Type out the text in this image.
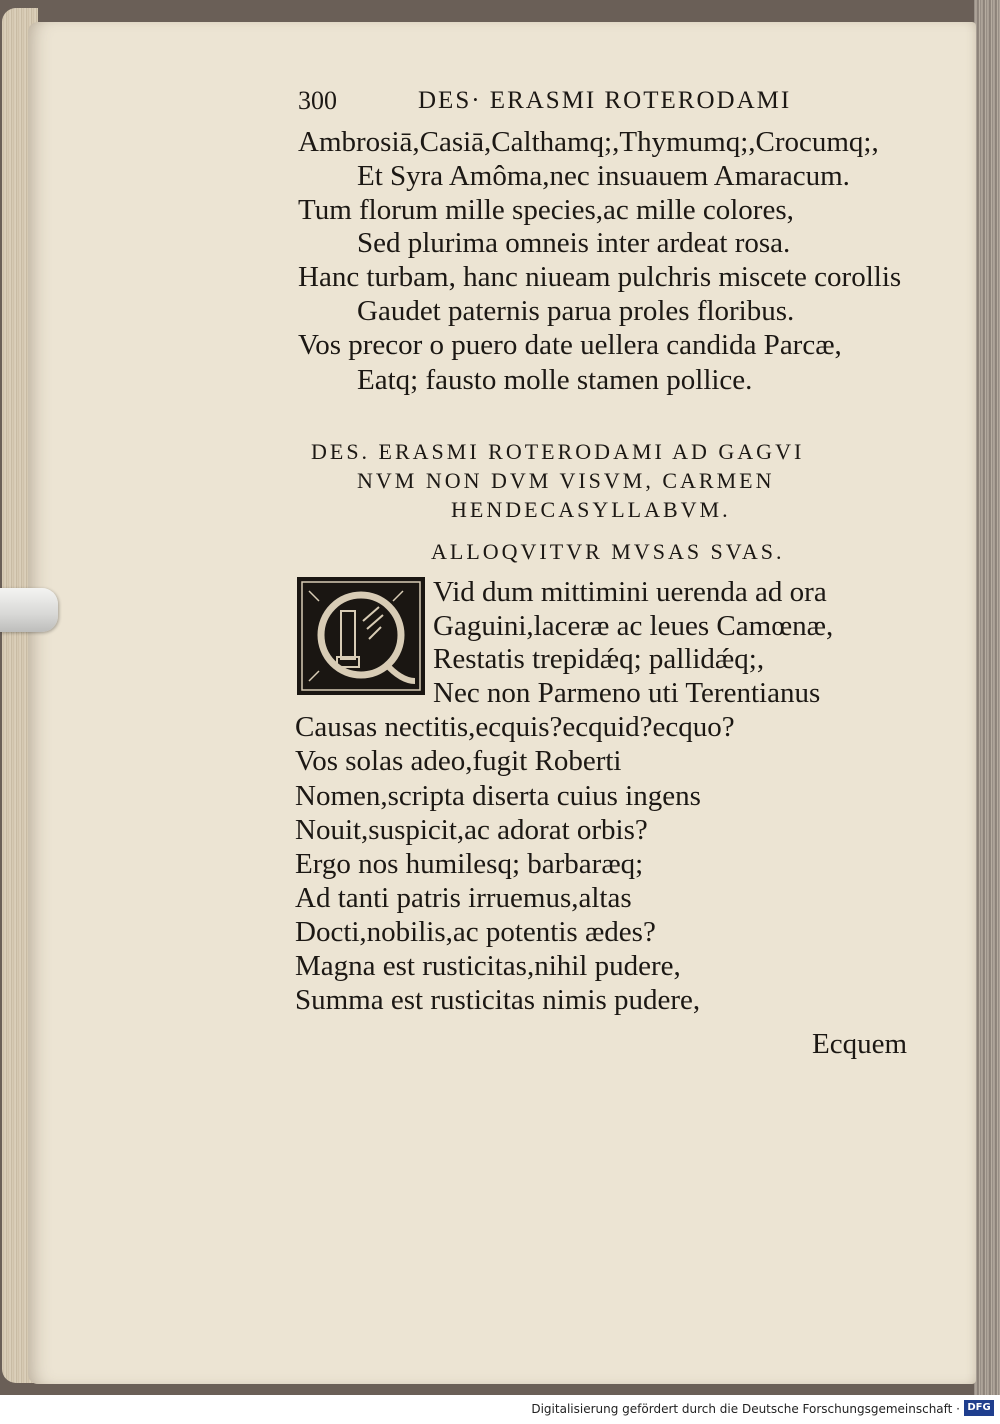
300	DES· ERASMI ROTERODAMI
Ambrosiā,Casiā,Calthamq;,Thymumq;,Crocumq;,
Et Syra Amôma,nec insuauem Amaracum.
Tum florum mille species,ac mille colores,
Sed plurima omneis inter ardeat rosa.
Hanc turbam, hanc niueam pulchris miscete corollis
Gaudet paternis parua proles floribus.
Vos precor o puero date uellera candida Parcæ,
Eatq; fausto molle stamen pollice.
DES. ERASMI ROTERODAMI AD GAGVI
NVM NON DVM VISVM, CARMEN
HENDECASYLLABVM.
ALLOQVITVR MVSAS SVAS.
Vid dum mittimini uerenda ad ora
Gaguini,laceræ ac leues Camœnæ,
Restatis trepidǽq; pallidǽq;,
Nec non Parmeno uti Terentianus
Causas nectitis,ecquis?ecquid?ecquo?
Vos solas adeo,fugit Roberti
Nomen,scripta diserta cuius ingens
Nouit,suspicit,ac adorat orbis?
Ergo nos humilesq; barbaræq;
Ad tanti patris irruemus,altas
Docti,nobilis,ac potentis ædes?
Magna est rusticitas,nihil pudere,
Summa est rusticitas nimis pudere,
Ecquem
Digitalisierung gefördert durch die Deutsche Forschungsgemeinschaft · DFG
